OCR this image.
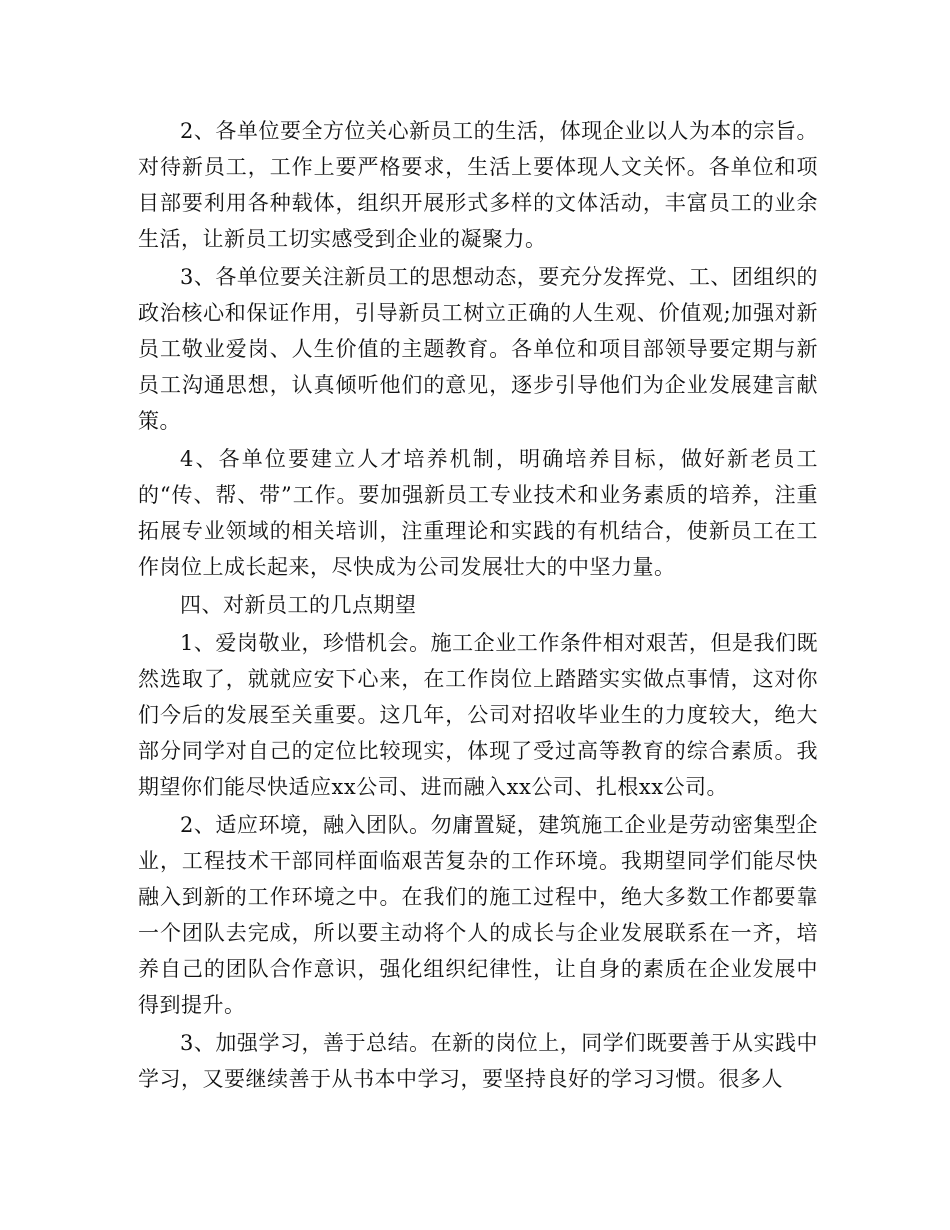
2、各单位要全方位关心新员工的生活，体现企业以人为本的宗旨。对待新员工，工作上要严格要求，生活上要体现人文关怀。各单位和项目部要利用各种载体，组织开展形式多样的文体活动，丰富员工的业余生活，让新员工切实感受到企业的凝聚力。

3、各单位要关注新员工的思想动态，要充分发挥党、工、团组织的政治核心和保证作用，引导新员工树立正确的人生观、价值观;加强对新员工敬业爱岗、人生价值的主题教育。各单位和项目部领导要定期与新员工沟通思想，认真倾听他们的意见，逐步引导他们为企业发展建言献策。

4、各单位要建立人才培养机制，明确培养目标，做好新老员工的“传、帮、带”工作。要加强新员工专业技术和业务素质的培养，注重拓展专业领域的相关培训，注重理论和实践的有机结合，使新员工在工作岗位上成长起来，尽快成为公司发展壮大的中坚力量。

四、对新员工的几点期望

1、爱岗敬业，珍惜机会。施工企业工作条件相对艰苦，但是我们既然选取了，就就应安下心来，在工作岗位上踏踏实实做点事情，这对你们今后的发展至关重要。这几年，公司对招收毕业生的力度较大，绝大部分同学对自己的定位比较现实，体现了受过高等教育的综合素质。我期望你们能尽快适应xx公司、进而融入xx公司、扎根xx公司。

2、适应环境，融入团队。勿庸置疑，建筑施工企业是劳动密集型企业，工程技术干部同样面临艰苦复杂的工作环境。我期望同学们能尽快融入到新的工作环境之中。在我们的施工过程中，绝大多数工作都要靠一个团队去完成，所以要主动将个人的成长与企业发展联系在一齐，培养自己的团队合作意识，强化组织纪律性，让自身的素质在企业发展中得到提升。

3、加强学习，善于总结。在新的岗位上，同学们既要善于从实践中学习，又要继续善于从书本中学习，要坚持良好的学习习惯。很多人
